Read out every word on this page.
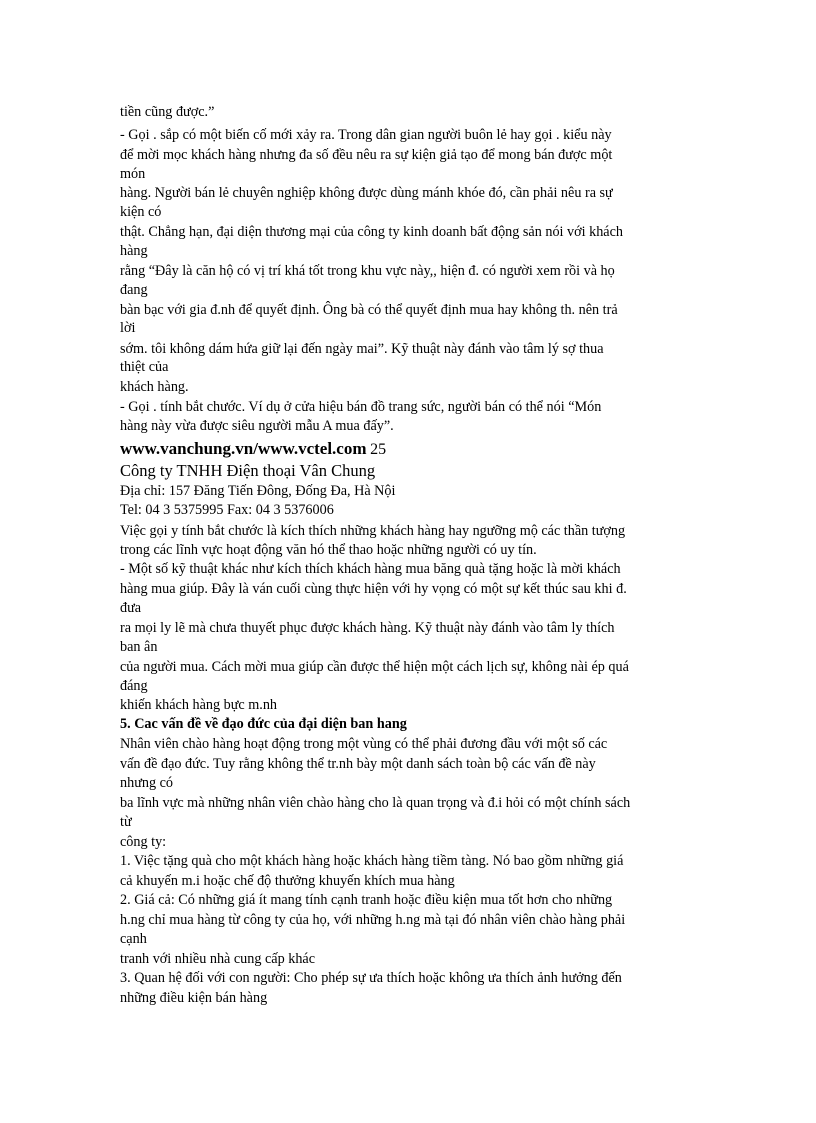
tiền cũng được.”
- Gọi . sắp có một biến cố mới xảy ra. Trong dân gian người buôn lẻ hay gọi . kiểu này
để mời mọc khách hàng nhưng đa số đều nêu ra sự kiện giả tạo để mong bán được một
món
hàng. Người bán lẻ chuyên nghiệp không được dùng mánh khóe đó, cần phải nêu ra sự
kiện có
thật. Chẳng hạn, đại diện thương mại của công ty kinh doanh bất động sản nói với khách
hàng
rằng “Đây là căn hộ có vị trí khá tốt trong khu vực này,, hiện đ. có người xem rồi và họ
đang
bàn bạc với gia đ.nh để quyết định. Ông bà có thể quyết định mua hay không th. nên trả
lời
sớm. tôi không dám hứa giữ lại đến ngày mai”. Kỹ thuật này đánh vào tâm lý sợ thua
thiệt của
khách hàng.
- Gọi . tính bắt chước. Ví dụ ở cửa hiệu bán đồ trang sức, người bán có thể nói “Món
hàng này vừa được siêu người mẫu A mua đấy”.
www.vanchung.vn/www.vctel.com 25
Công ty TNHH Điện thoại Vân Chung
Địa chỉ: 157 Đăng Tiến Đông, Đống Đa, Hà Nội
Tel: 04 3 5375995 Fax: 04 3 5376006
Việc gọi y tính bắt chước là kích thích những khách hàng hay ngưỡng mộ các thần tượng
trong các lĩnh vực hoạt động văn hó thể thao hoặc những người có uy tín.
- Một số kỹ thuật khác như kích thích khách hàng mua băng quà tặng hoặc là mời khách
hàng mua giúp. Đây là ván cuối cùng thực hiện với hy vọng có một sự kết thúc sau khi đ.
đưa
ra mọi ly lẽ mà chưa thuyết phục được khách hàng. Kỹ thuật này đánh vào tâm ly thích
ban ân
của người mua. Cách mời mua giúp cần được thể hiện một cách lịch sự, không nài ép quá
đáng
khiến khách hàng bực m.nh
5. Cac vấn đề về đạo đức của đại diện ban hang
Nhân viên chào hàng hoạt động trong một vùng có thể phải đương đầu với một số các
vấn đề đạo đức. Tuy rằng không thể tr.nh bày một danh sách toàn bộ các vấn đề này
nhưng có
ba lĩnh vực mà những nhân viên chào hàng cho là quan trọng và đ.i hỏi có một chính sách
từ
công ty:
1. Việc tặng quà cho một khách hàng hoặc khách hàng tiềm tàng. Nó bao gồm những giá
cả khuyến m.i hoặc chế độ thưởng khuyến khích mua hàng
2. Giá cả: Có những giá ít mang tính cạnh tranh hoặc điều kiện mua tốt hơn cho những
h.ng chỉ mua hàng từ công ty của họ, với những h.ng mà tại đó nhân viên chào hàng phải
cạnh
tranh với nhiều nhà cung cấp khác
3. Quan hệ đối với con người: Cho phép sự ưa thích hoặc không ưa thích ảnh hưởng đến
những điều kiện bán hàng
